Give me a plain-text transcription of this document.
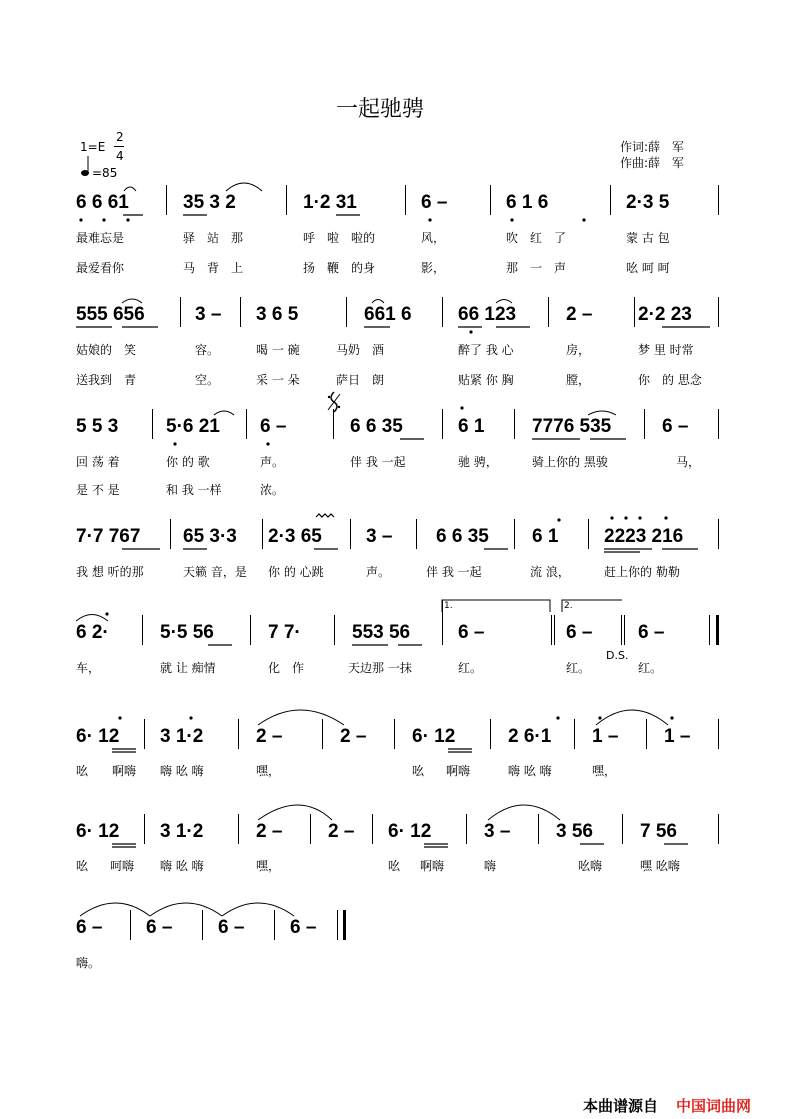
一起驰骋
1=E
2
4
=85
作词:薛　军
作曲:薛　军
6 6 61	35 3 2	1·2 31	6 –	6 1 6	2·3 5
最难忘是	驿　站　那	呼　啦　啦的	风，	吹　红　了	蒙 古 包
最爱看你	马　背　上	扬　鞭　的身	影，	那　一　声	吆 呵 呵
555 656	3 – 3 6 5	661 6 66 123	2 – 2·2 23
姑娘的　笑	容。	喝 一 碗	马奶　酒	醉了 我 心	房，	梦 里 时常
送我到　青	空。	采 一 朵	萨日　朗	贴紧 你 胸	膛，	你　的 思念
5 5 3	5·6 21 6 –	6 6 35	6 1	7776 535	6 –
回 荡 着	你 的 歌	声。	伴 我 一起	驰 骋，	骑上你的 黑骏	马，
是 不 是	和 我 一样	浓。
7·7 767 65 3·3 2·3 65 3 – 6 6 35 6 1 2223 216
我 想 听的那	天籁 音，是 你 的 心跳	声。	伴 我 一起	流 浪，	赶上你的 勒勒
6 2·	5·5 56	7 7·	553 56	6 –	6 – 6 –
1.	2.
D.S.
车，	就 让 痴情	化　作	天边那 一抹	红。	红。	红。
6· 12 3 1·2	2 –	2 – 6· 12	2 6·1 1 – 1 –
吆 啊嗨 嗨 吆 嗨	嘿，	吆 啊嗨	嗨 吆 嗨	嘿，
6· 12 3 1·2	2 – 2 – 6· 12	3 – 3 56 7 56
吆 呵嗨 嗨 吆 嗨	嘿，	吆 啊嗨	嗨	吆嗨	嘿 吆嗨
6 – 6 – 6 – 6 –
嗨。
本曲谱源自 中国词曲网
